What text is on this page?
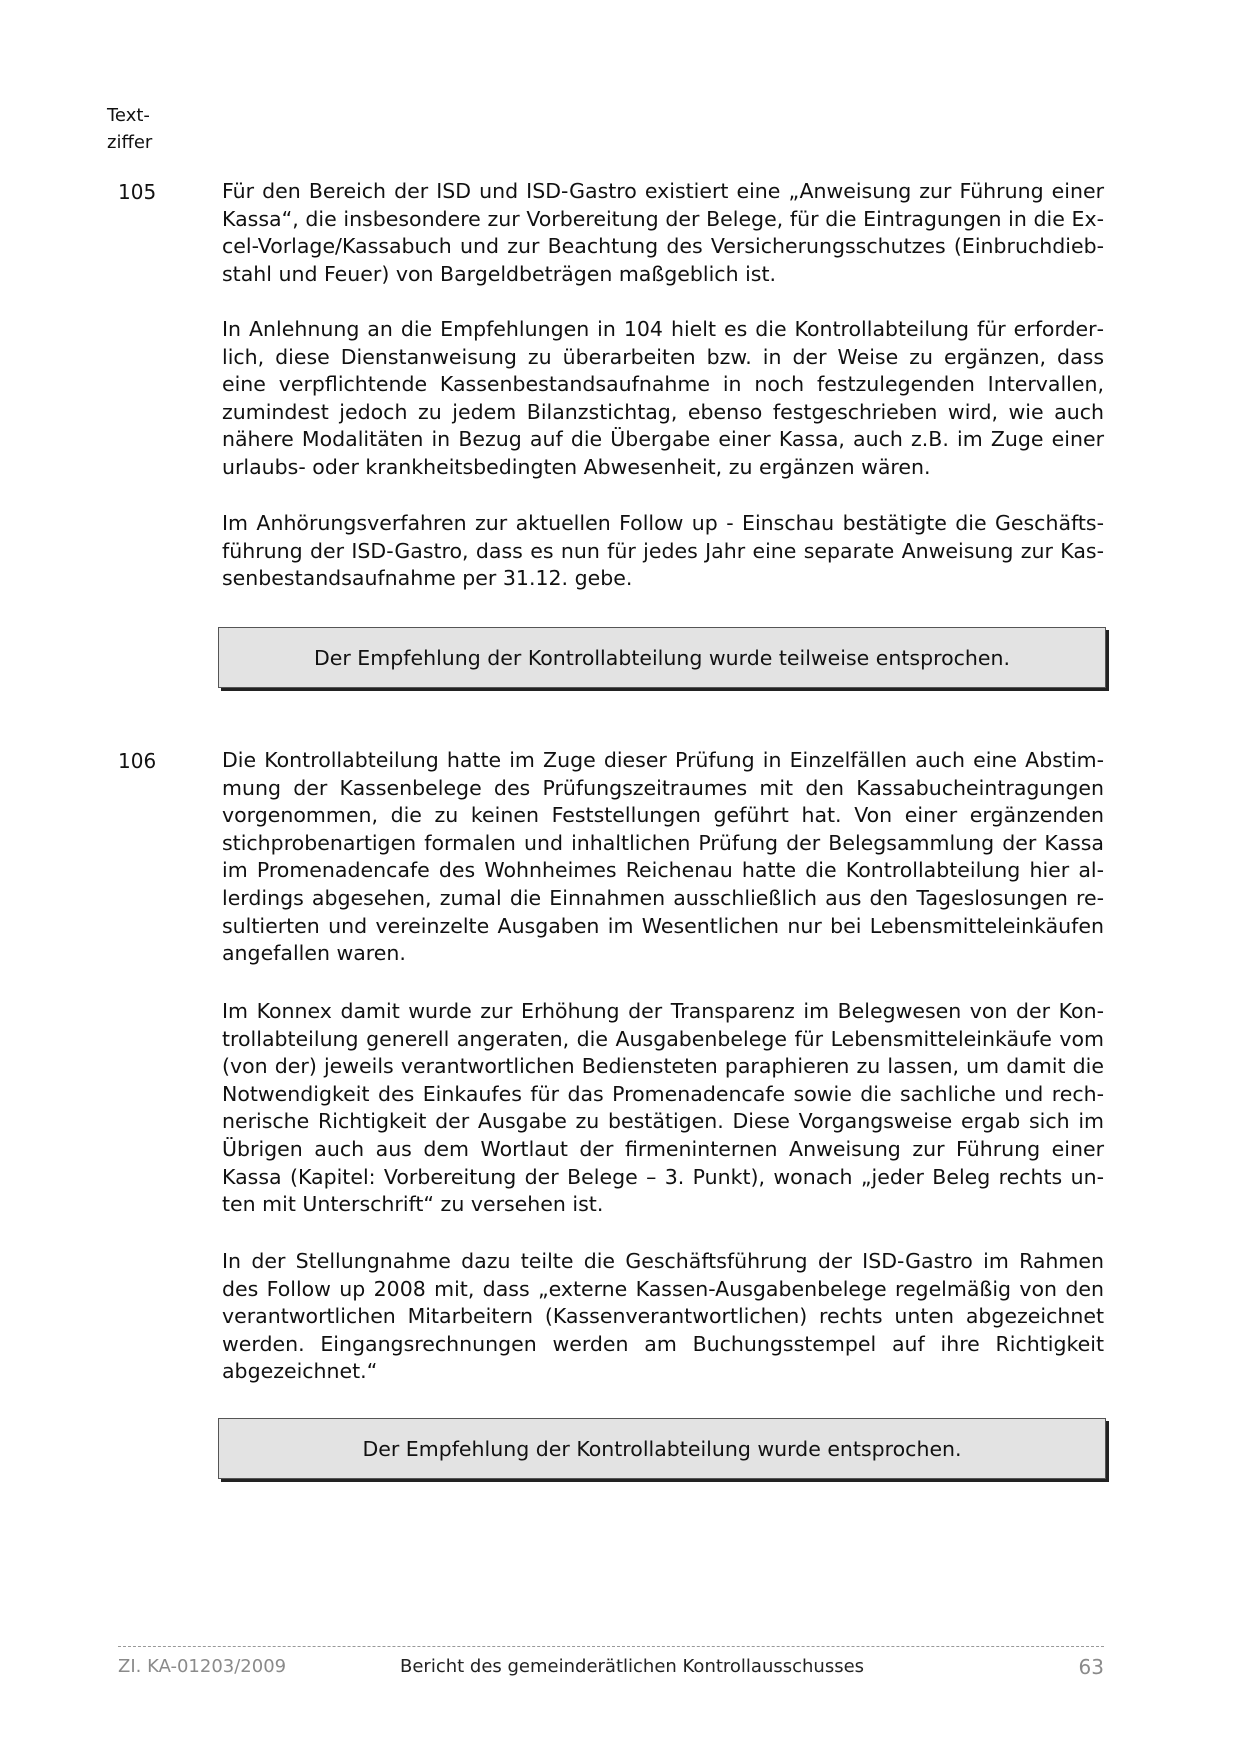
Text-
ziffer
105	Für den Bereich der ISD und ISD-Gastro existiert eine „Anweisung zur Führung einer Kassa“, die insbesondere zur Vorbereitung der Belege, für die Eintragungen in die Excel-Vorlage/Kassabuch und zur Beachtung des Versicherungsschutzes (Einbruchdiebstahl und Feuer) von Bargeldbeträgen maßgeblich ist.

In Anlehnung an die Empfehlungen in 104 hielt es die Kontrollabteilung für erforderlich, diese Dienstanweisung zu überarbeiten bzw. in der Weise zu ergänzen, dass eine verpflichtende Kassenbestandsaufnahme in noch festzulegenden Intervallen, zumindest jedoch zu jedem Bilanzstichtag, ebenso festgeschrieben wird, wie auch nähere Modalitäten in Bezug auf die Übergabe einer Kassa, auch z.B. im Zuge einer urlaubs- oder krankheitsbedingten Abwesenheit, zu ergänzen wären.

Im Anhörungsverfahren zur aktuellen Follow up - Einschau bestätigte die Geschäftsführung der ISD-Gastro, dass es nun für jedes Jahr eine separate Anweisung zur Kassenbestandsaufnahme per 31.12. gebe.

Der Empfehlung der Kontrollabteilung wurde teilweise entsprochen.
106	Die Kontrollabteilung hatte im Zuge dieser Prüfung in Einzelfällen auch eine Abstimmung der Kassenbelege des Prüfungszeitraumes mit den Kassabucheintragungen vorgenommen, die zu keinen Feststellungen geführt hat. Von einer ergänzenden stichprobenartigen formalen und inhaltlichen Prüfung der Belegsammlung der Kassa im Promenadencafe des Wohnheimes Reichenau hatte die Kontrollabteilung hier allerdings abgesehen, zumal die Einnahmen ausschließlich aus den Tageslosungen resultierten und vereinzelte Ausgaben im Wesentlichen nur bei Lebensmitteleinkäufen angefallen waren.

Im Konnex damit wurde zur Erhöhung der Transparenz im Belegwesen von der Kontrollabteilung generell angeraten, die Ausgabenbelege für Lebensmitteleinkäufe vom (von der) jeweils verantwortlichen Bediensteten paraphieren zu lassen, um damit die Notwendigkeit des Einkaufes für das Promenadencafe sowie die sachliche und rechnerische Richtigkeit der Ausgabe zu bestätigen. Diese Vorgangsweise ergab sich im Übrigen auch aus dem Wortlaut der firmeninternen Anweisung zur Führung einer Kassa (Kapitel: Vorbereitung der Belege – 3. Punkt), wonach „jeder Beleg rechts unten mit Unterschrift“ zu versehen ist.

In der Stellungnahme dazu teilte die Geschäftsführung der ISD-Gastro im Rahmen des Follow up 2008 mit, dass „externe Kassen-Ausgabenbelege regelmäßig von den verantwortlichen Mitarbeitern (Kassenverantwortlichen) rechts unten abgezeichnet werden. Eingangsrechnungen werden am Buchungsstempel auf ihre Richtigkeit abgezeichnet.“

Der Empfehlung der Kontrollabteilung wurde entsprochen.
ZI. KA-01203/2009	Bericht des gemeinderätlichen Kontrollausschusses	63
